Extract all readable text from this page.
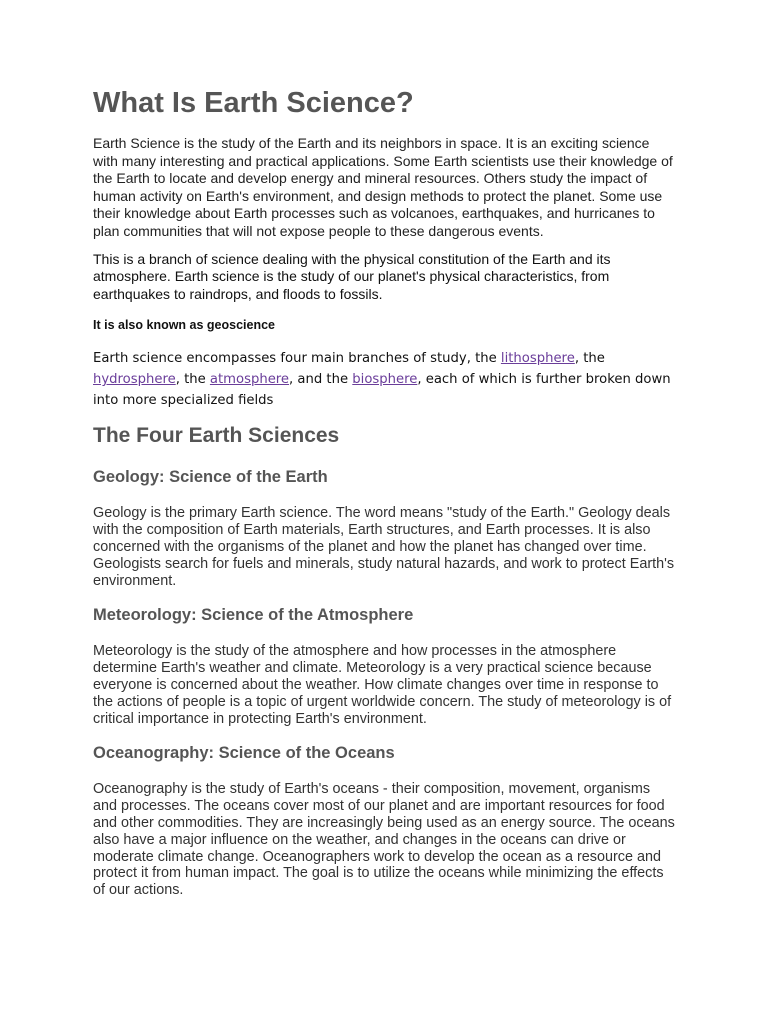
What Is Earth Science?

Earth Science is the study of the Earth and its neighbors in space. It is an exciting science with many interesting and practical applications. Some Earth scientists use their knowledge of the Earth to locate and develop energy and mineral resources. Others study the impact of human activity on Earth's environment, and design methods to protect the planet. Some use their knowledge about Earth processes such as volcanoes, earthquakes, and hurricanes to plan communities that will not expose people to these dangerous events.

This is a branch of science dealing with the physical constitution of the Earth and its atmosphere. Earth science is the study of our planet's physical characteristics, from earthquakes to raindrops, and floods to fossils.

It is also known as geoscience

Earth science encompasses four main branches of study, the lithosphere, the hydrosphere, the atmosphere, and the biosphere, each of which is further broken down into more specialized fields

The Four Earth Sciences
Geology: Science of the Earth

Geology is the primary Earth science. The word means "study of the Earth." Geology deals with the composition of Earth materials, Earth structures, and Earth processes. It is also concerned with the organisms of the planet and how the planet has changed over time. Geologists search for fuels and minerals, study natural hazards, and work to protect Earth's environment.

Meteorology: Science of the Atmosphere

Meteorology is the study of the atmosphere and how processes in the atmosphere determine Earth's weather and climate. Meteorology is a very practical science because everyone is concerned about the weather. How climate changes over time in response to the actions of people is a topic of urgent worldwide concern. The study of meteorology is of critical importance in protecting Earth's environment.

Oceanography: Science of the Oceans

Oceanography is the study of Earth's oceans - their composition, movement, organisms and processes. The oceans cover most of our planet and are important resources for food and other commodities. They are increasingly being used as an energy source. The oceans also have a major influence on the weather, and changes in the oceans can drive or moderate climate change. Oceanographers work to develop the ocean as a resource and protect it from human impact. The goal is to utilize the oceans while minimizing the effects of our actions.
